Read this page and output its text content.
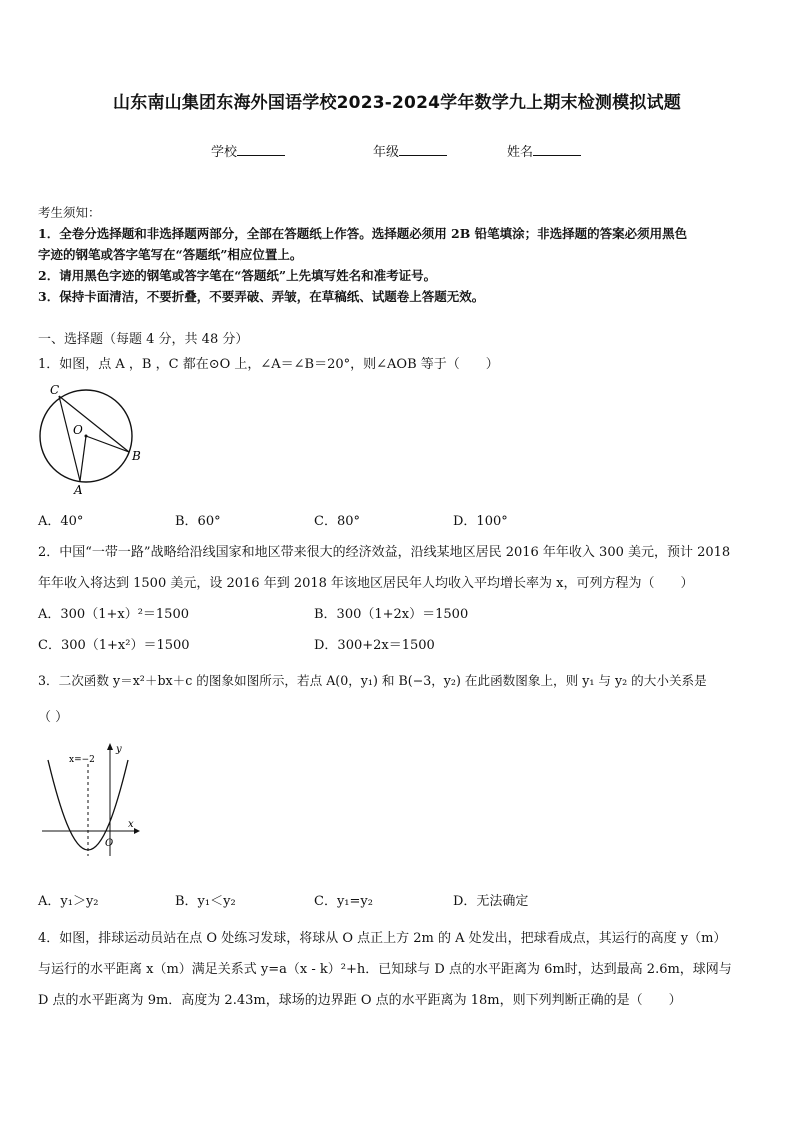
山东南山集团东海外国语学校2023-2024学年数学九上期末检测模拟试题
学校	年级	姓名
考生须知：
1．全卷分选择题和非选择题两部分，全部在答题纸上作答。选择题必须用 2B 铅笔填涂；非选择题的答案必须用黑色
字迹的钢笔或答字笔写在“答题纸”相应位置上。
2．请用黑色字迹的钢笔或答字笔在“答题纸”上先填写姓名和准考证号。
3．保持卡面清洁，不要折叠，不要弄破、弄皱，在草稿纸、试题卷上答题无效。
一、选择题（每题 4 分，共 48 分）
1．如图，点 A ，B ，C 都在⊙O 上，∠A＝∠B＝20°，则∠AOB 等于（　　）
C
O
B
A
A．40°	B．60°	C．80°	D．100°
2．中国“一带一路”战略给沿线国家和地区带来很大的经济效益，沿线某地区居民 2016 年年收入 300 美元，预计 2018
年年收入将达到 1500 美元，设 2016 年到 2018 年该地区居民年人均收入平均增长率为 x，可列方程为（　　）
A．300（1+x）²＝1500	B．300（1+2x）＝1500
C．300（1+x²）＝1500	D．300+2x＝1500
3．二次函数 y＝x²＋bx＋c 的图象如图所示，若点 A(0，y₁) 和 B(−3，y₂) 在此函数图象上，则 y₁ 与 y₂ 的大小关系是
（ ）
x=−2
y
x
O
A．y₁＞y₂	B．y₁＜y₂	C．y₁=y₂	D．无法确定
4．如图，排球运动员站在点 O 处练习发球，将球从 O 点正上方 2m 的 A 处发出，把球看成点，其运行的高度 y（m）
与运行的水平距离 x（m）满足关系式 y=a（x - k）²+h．已知球与 D 点的水平距离为 6m时，达到最高 2.6m，球网与
D 点的水平距离为 9m．高度为 2.43m，球场的边界距 O 点的水平距离为 18m，则下列判断正确的是（　　）
